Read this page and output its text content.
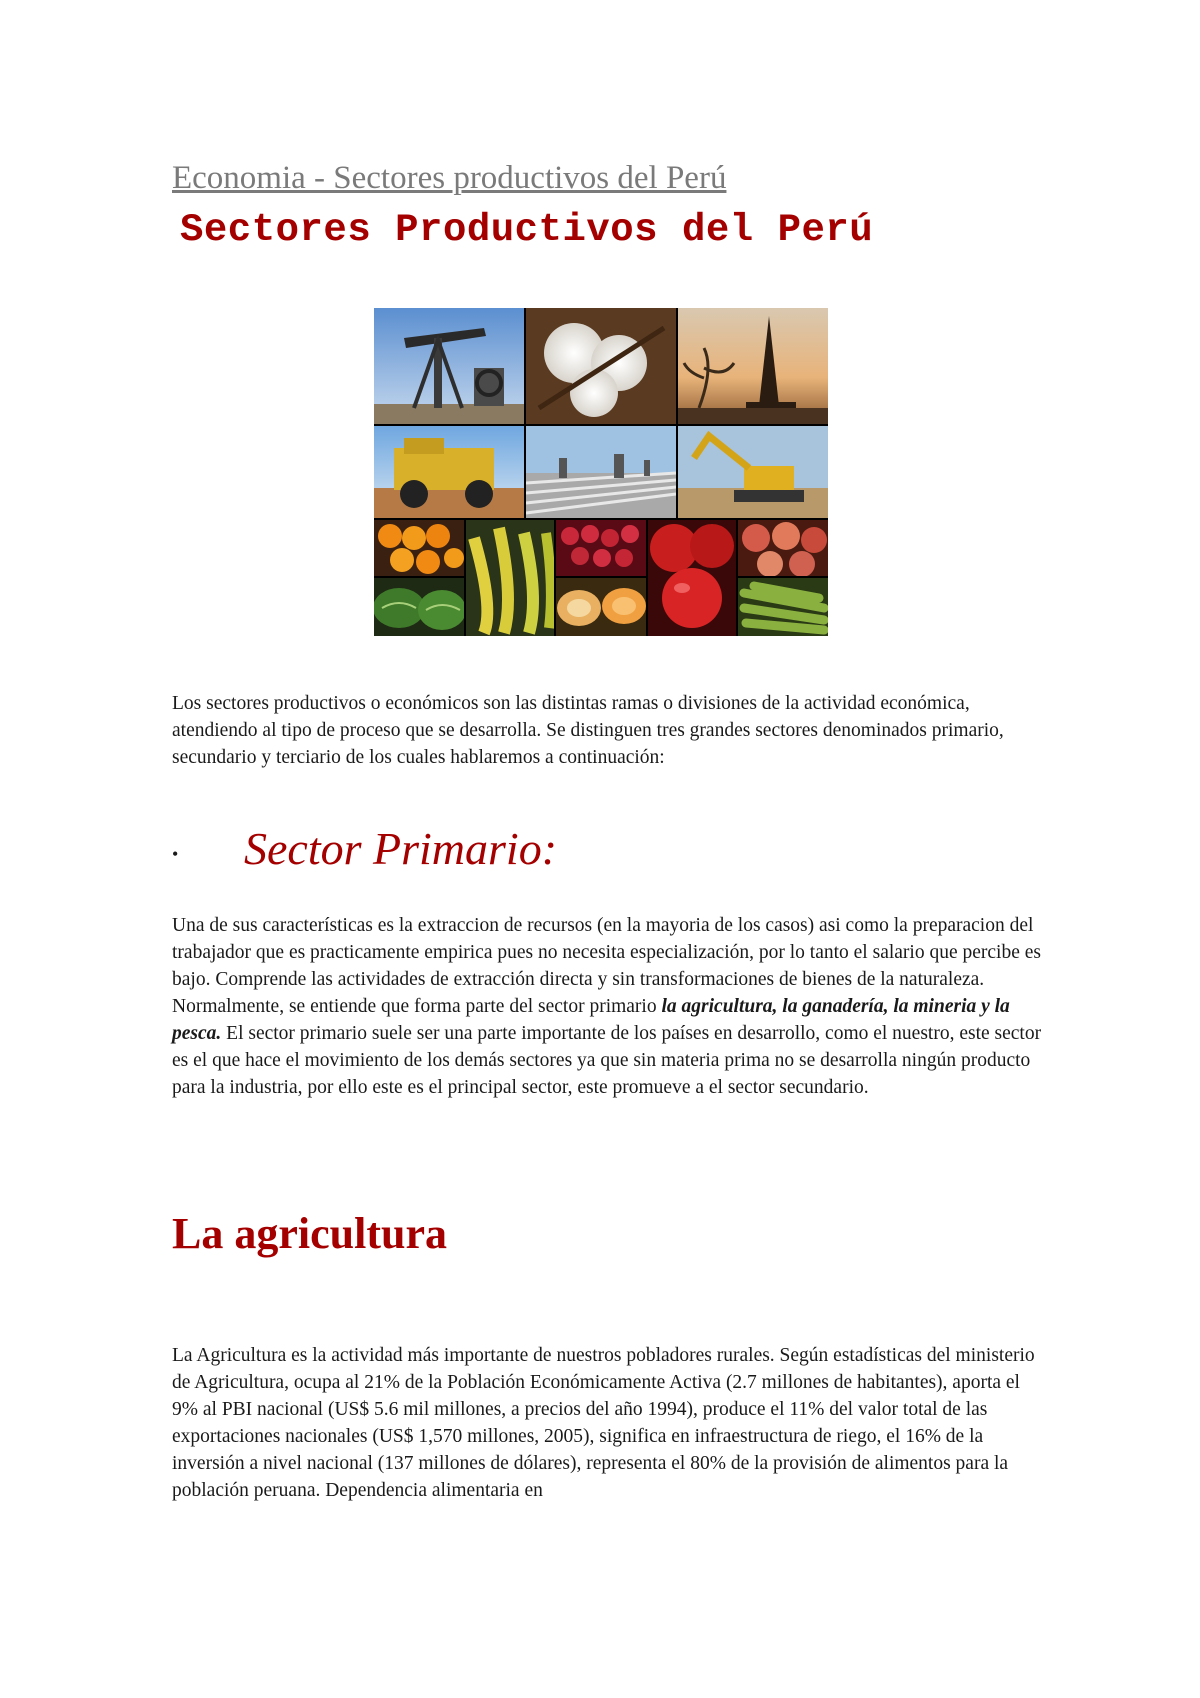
Economia - Sectores productivos del Perú
Sectores Productivos del Perú

Los sectores productivos o económicos son las distintas ramas o divisiones de la actividad económica, atendiendo al tipo de proceso que se desarrolla. Se distinguen tres grandes sectores denominados primario, secundario y terciario de los cuales hablaremos a continuación:

• Sector Primario:

Una de sus características es la extraccion de recursos (en la mayoria de los casos) asi como la preparacion del trabajador que es practicamente empirica pues no necesita especialización, por lo tanto el salario que percibe es bajo. Comprende las actividades de extracción directa y sin transformaciones de bienes de la naturaleza. Normalmente, se entiende que forma parte del sector primario la agricultura, la ganadería, la mineria y la pesca. El sector primario suele ser una parte importante de los países en desarrollo, como el nuestro, este sector es el que hace el movimiento de los demás sectores ya que sin materia prima no se desarrolla ningún producto para la industria, por ello este es el principal sector, este promueve a el sector secundario.

La agricultura

La Agricultura es la actividad más importante de nuestros pobladores rurales. Según estadísticas del ministerio de Agricultura, ocupa al 21% de la Población Económicamente Activa (2.7 millones de habitantes), aporta el 9% al PBI nacional (US$ 5.6 mil millones, a precios del año 1994), produce el 11% del valor total de las exportaciones nacionales (US$ 1,570 millones, 2005), significa en infraestructura de riego, el 16% de la inversión a nivel nacional (137 millones de dólares), representa el 80% de la provisión de alimentos para la población peruana. Dependencia alimentaria en
